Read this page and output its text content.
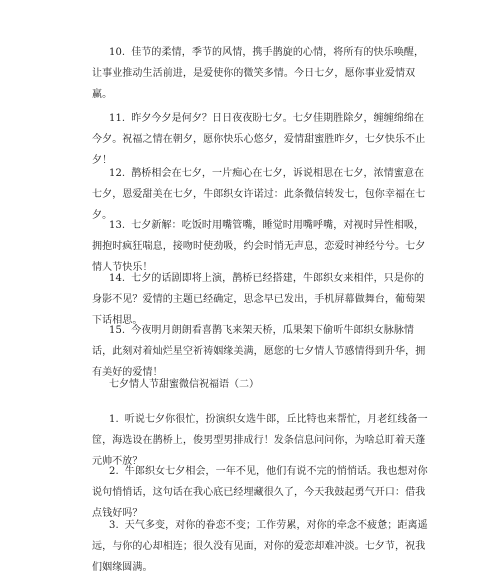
10. 佳节的柔情，季节的风情，携手鹊旋的心情，将所有的快乐唤醒，让事业推动生活前进，是爱使你的微笑多情。今日七夕，愿你事业爱情双赢。

11. 昨夕今夕是何夕？日日夜夜盼七夕。七夕佳期胜除夕，缠缠绵绵在今夕。祝福之情在朝夕，愿你快乐心悠夕，爱情甜蜜胜昨夕，七夕快乐不止夕！

12. 鹊桥相会在七夕，一片痴心在七夕，诉说相思在七夕，浓情蜜意在七夕，恩爱甜美在七夕，牛郎织女许诺过：此条微信转发七，包你幸福在七夕。

13. 七夕新解：吃饭时用嘴管嘴，睡觉时用嘴呼嘴，对视时异性相吸，拥抱时疯狂喘息，接吻时使劲吸，约会时悄无声息，恋爱时神经兮兮。七夕情人节快乐！

14. 七夕的话剧即将上演，鹊桥已经搭建，牛郎织女来相伴，只是你的身影不见？爱情的主题已经确定，思念早已发出，手机屏幕做舞台，葡萄架下话相思。

15. 今夜明月朗朗看喜鹊飞来架天桥，瓜果架下偷听牛郎织女脉脉情话，此刻对着灿烂星空祈祷姻缘美满，愿您的七夕情人节感情得到升华，拥有美好的爱情！

七夕情人节甜蜜微信祝福语（二）

1. 听说七夕你很忙，扮演织女选牛郎，丘比特也来帮忙，月老红线备一筐，海选设在鹊桥上，俊男型男排成行！发条信息问问你，为啥总盯着天蓬元帅不放？

2. 牛郎织女七夕相会，一年不见，他们有说不完的悄悄话。我也想对你说句悄悄话，这句话在我心底已经埋藏很久了，今天我鼓起勇气开口：借我点钱好吗？

3. 天气多变，对你的眷恋不变；工作劳累，对你的牵念不疲惫；距离遥远，与你的心却相连；很久没有见面，对你的爱恋却难冲淡。七夕节，祝我们姻缘圆满。
